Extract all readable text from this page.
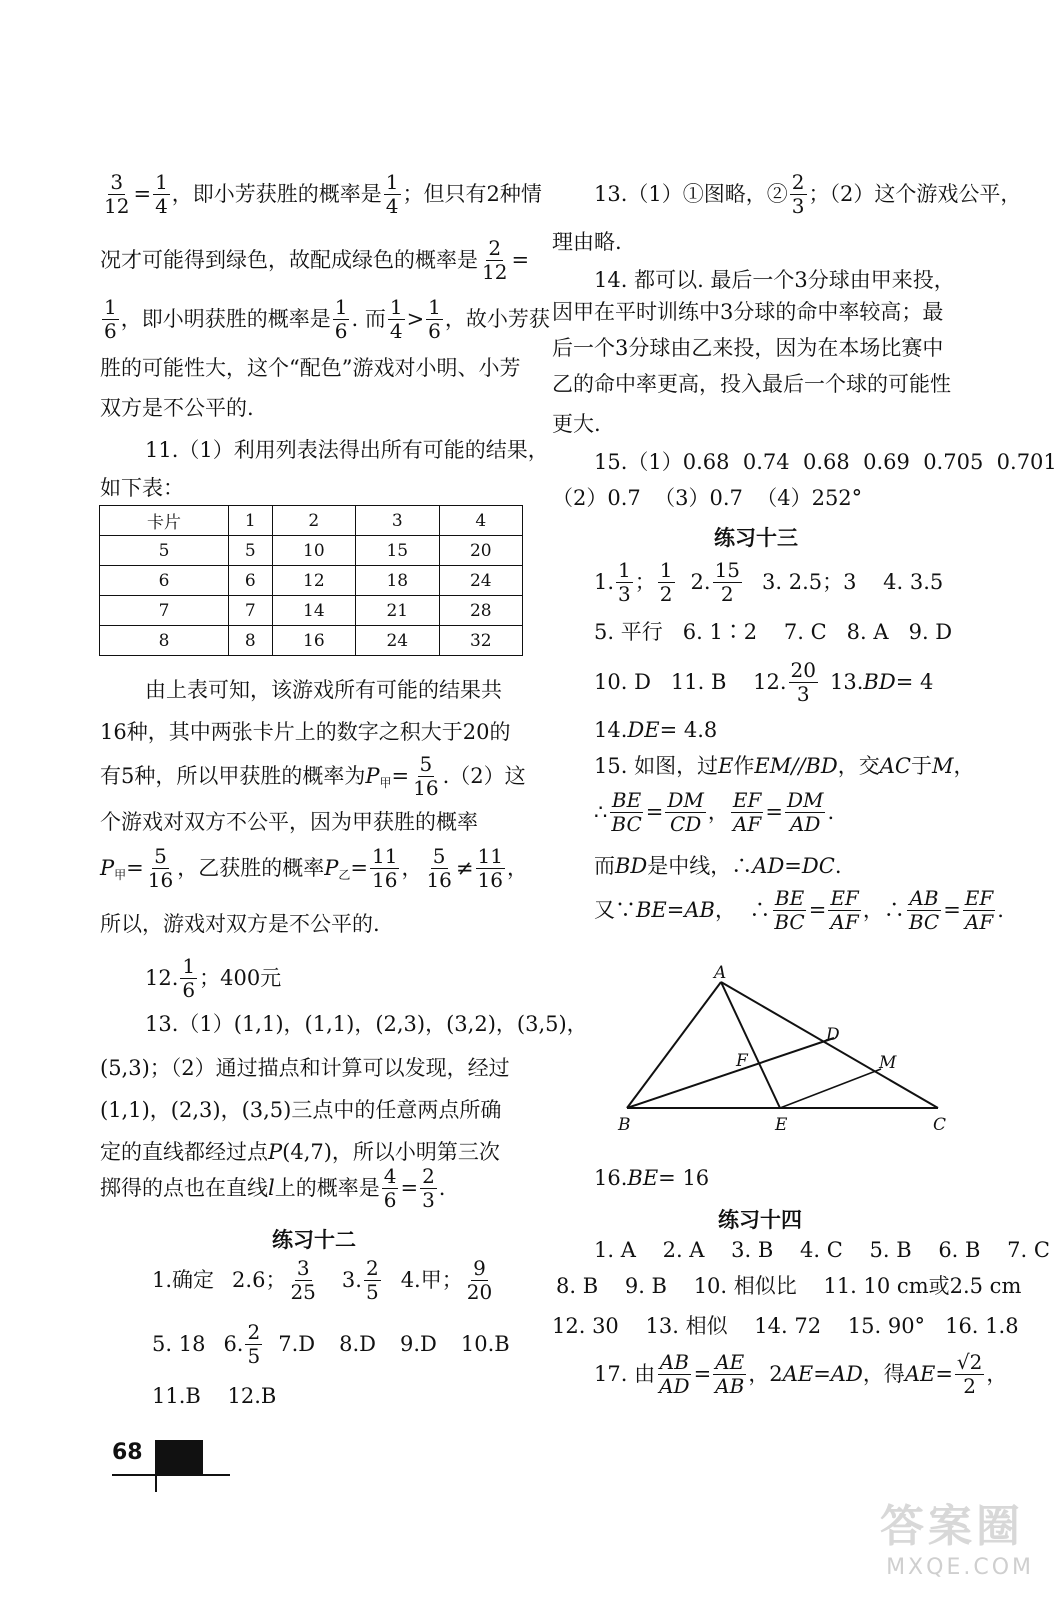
$\frac{3}{12} = \frac{1}{4}$ ，即小芳获胜的概率是 $\frac{1}{4}$ ；但只有2种情
况才可能得到绿色，故配成绿色的概率是 $\frac{2}{12}$ =
$\frac{1}{6}$ ，即小明获胜的概率是 $\frac{1}{6}$ . 而 $\frac{1}{4} > \frac{1}{6}$ ，故小芳获
胜的可能性大，这个“配色”游戏对小明、小芳
双方是不公平的.
11.（1）利用列表法得出所有可能的结果，
如下表：
卡片	1	2	3	4
5	5	10	15	20
6	6	12	18	24
7	7	14	21	28
8	8	16	24	32
由上表可知，该游戏所有可能的结果共
16种，其中两张卡片上的数字之积大于20的
有5种，所以甲获胜的概率为 P 甲 = $\frac{5}{16} .(2)$这
个游戏对双方不公平，因为甲获胜的概率
P 甲 = $\frac{5}{16}$ ，乙获胜的概率 P 乙 = $\frac{11}{16}$ ， $\frac{5}{16} \ne \frac{11}{16}$ ，
所以，游戏对双方是不公平的.
12. $\frac{1}{6}$ ；400元
13.（1）(1,1)，(1,1)，(2,3)，(3,2)，(3,5)，
(5,3)；（2）通过描点和计算可以发现，经过
(1,1)，(2,3)，(3,5)三点中的任意两点所确
定的直线都经过点 P (4,7)，所以小明第三次
掷得的点也在直线 l 上的概率是 $\frac{4}{6} = \frac{2}{3}$ .
练习十二
1.确定 2.6； $\frac{3}{25} 3$. $\frac{2}{5} 4$.甲； $\frac{9}{20}$
5. 18 6. $\frac{2}{5} 7.D$ 8.D 9.D 10.B
11.B    12.B
13.（1）①图略，② $\frac{2}{3}$ ；（2）这个游戏公平，
理由略.
14. 都可以. 最后一个3分球由甲来投，
因甲在平时训练中3分球的命中率较高；最
后一个3分球由乙来投，因为在本场比赛中
乙的命中率更高，投入最后一个球的可能性
更大.
15.（1）0.68  0.74  0.68  0.69  0.705  0.701
（2）0.7  （3）0.7  （4）252°
练习十三
1. $\frac{1}{3}$ ； $\frac{1}{2} 2$. $\frac{15}{2} 3$. 2.5；3    4. 3.5
5. 平行   6. 1∶2    7. C   8. A   9. D
10. D   11. B    12. $\frac{20}{3} 13$. BD = 4
14. DE = 4.8
15. 如图，过 E 作 EM // BD ，交 AC 于 M ，
∴ $\frac{BE}{BC} = \frac{DM}{CD}$ ， $\frac{EF}{AF} = \frac{DM}{AD}$ .
而 BD 是中线，∴ AD = DC .
又∵ BE = AB ，  ∴ $\frac{BE}{BC} = \frac{EF}{AF}$ ，∴ $\frac{AB}{BC} = \frac{EF}{AF}$ .
A
B	C
D
E
F	M
16. BE = 16
练习十四
1. A    2. A    3. B    4. C    5. B    6. B    7. C
8. B    9. B    10. 相似比    11. 10 cm或2.5 cm
12. 30    13. 相似    14. 72    15. 90°   16. 1.8
17. 由 $\frac{AB}{AD} = \frac{AE}{AB}$ ，2 AE = AD ，得 AE = $\frac{√2}{2}$ ，
68
答案圈
MXQE.COM
